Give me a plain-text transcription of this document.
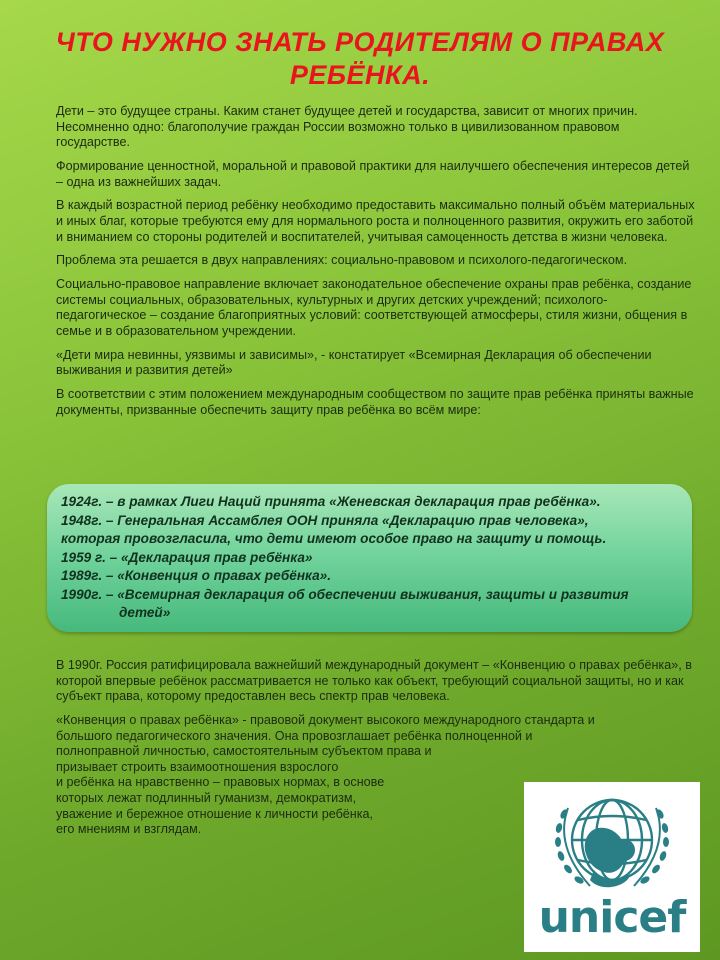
ЧТО НУЖНО ЗНАТЬ РОДИТЕЛЯМ О ПРАВАХ РЕБЁНКА.

Дети – это будущее страны. Каким станет будущее детей и государства, зависит от многих причин. Несомненно одно: благополучие граждан России возможно только в цивилизованном правовом государстве.

Формирование ценностной, моральной и правовой практики для наилучшего обеспечения интересов детей – одна из важнейших задач.

В каждый возрастной период ребёнку необходимо предоставить максимально полный объём материальных и иных благ, которые требуются ему для нормального роста и полноценного развития, окружить его заботой и вниманием со стороны родителей и воспитателей, учитывая самоценность детства в жизни человека.

Проблема эта решается в двух направлениях: социально-правовом и психолого-педагогическом.

Социально-правовое направление включает законодательное обеспечение охраны прав ребёнка, создание системы социальных, образовательных, культурных и других детских учреждений; психолого-педагогическое – создание благоприятных условий: соответствующей атмосферы, стиля жизни, общения в семье и в образовательном учреждении.

«Дети мира невинны, уязвимы и зависимы», - констатирует «Всемирная Декларация об обеспечении выживания и развития детей»

В соответствии с этим положением международным сообществом по защите прав ребёнка приняты важные документы, призванные обеспечить защиту прав ребёнка во всём мире:

1924г. – в рамках Лиги Наций принята «Женевская декларация прав ребёнка».
1948г. – Генеральная Ассамблея ООН приняла «Декларацию прав человека»,
которая провозгласила, что дети имеют особое право на защиту и помощь.
1959 г. – «Декларация прав ребёнка»
1989г. – «Конвенция о правах ребёнка».
1990г. – «Всемирная декларация об обеспечении выживания, защиты и развития
детей»

В 1990г. Россия ратифицировала важнейший международный документ – «Конвенцию о правах ребёнка», в которой впервые ребёнок рассматривается не только как объект, требующий социальной защиты, но и как субъект права, которому предоставлен весь спектр прав человека.

«Конвенция о правах ребёнка» - правовой документ высокого международного стандарта и
большого педагогического значения. Она провозглашает ребёнка полноценной и
полноправной личностью, самостоятельным субъектом права и
призывает строить взаимоотношения взрослого
и ребёнка на нравственно – правовых нормах, в основе
которых лежат подлинный гуманизм, демократизм,
уважение и бережное отношение к личности ребёнка,
его мнениям и взглядам.

unicef
